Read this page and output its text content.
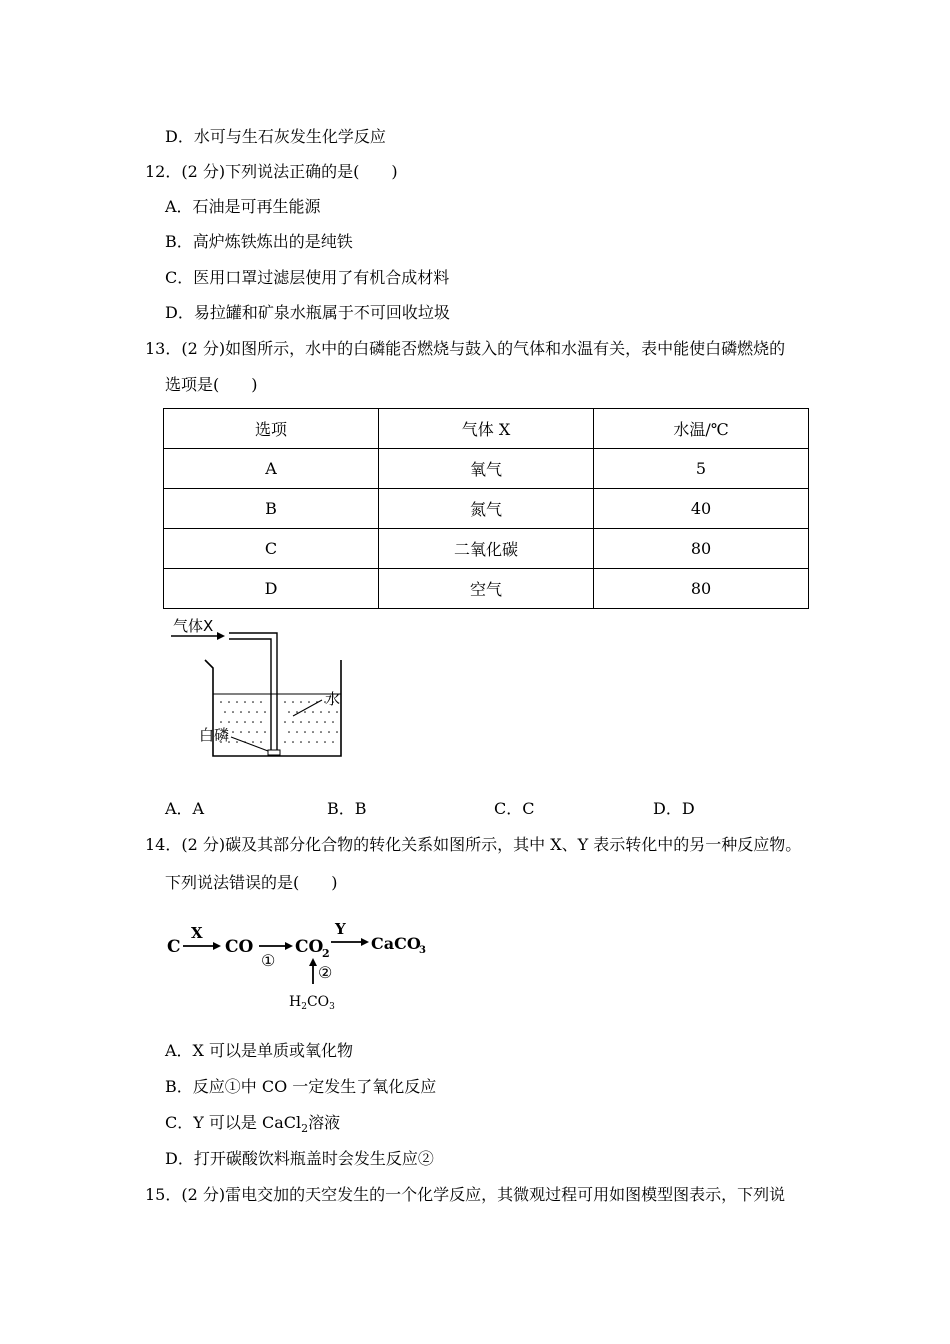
D．水可与生石灰发生化学反应
12．(2 分)下列说法正确的是(　　)
A．石油是可再生能源
B．高炉炼铁炼出的是纯铁
C．医用口罩过滤层使用了有机合成材料
D．易拉罐和矿泉水瓶属于不可回收垃圾
13．(2 分)如图所示，水中的白磷能否燃烧与鼓入的气体和水温有关，表中能使白磷燃烧的
选项是(　　)
选项	气体 X	水温/℃
A	氧气	5
B	氮气	40
C	二氧化碳	80
D	空气	80
气体X
水
白磷
A．A	B．B	C．C	D．D
14．(2 分)碳及其部分化合物的转化关系如图所示，其中 X、Y 表示转化中的另一种反应物。
下列说法错误的是(　　)
C
X
CO
①
CO
2
Y
CaCO
3
②
$H_2CO_3$
A．X 可以是单质或氧化物
B．反应①中 CO 一定发生了氧化反应
C．Y 可以是 CaCl$_2$溶液
D．打开碳酸饮料瓶盖时会发生反应②
15．(2 分)雷电交加的天空发生的一个化学反应，其微观过程可用如图模型图表示，下列说
